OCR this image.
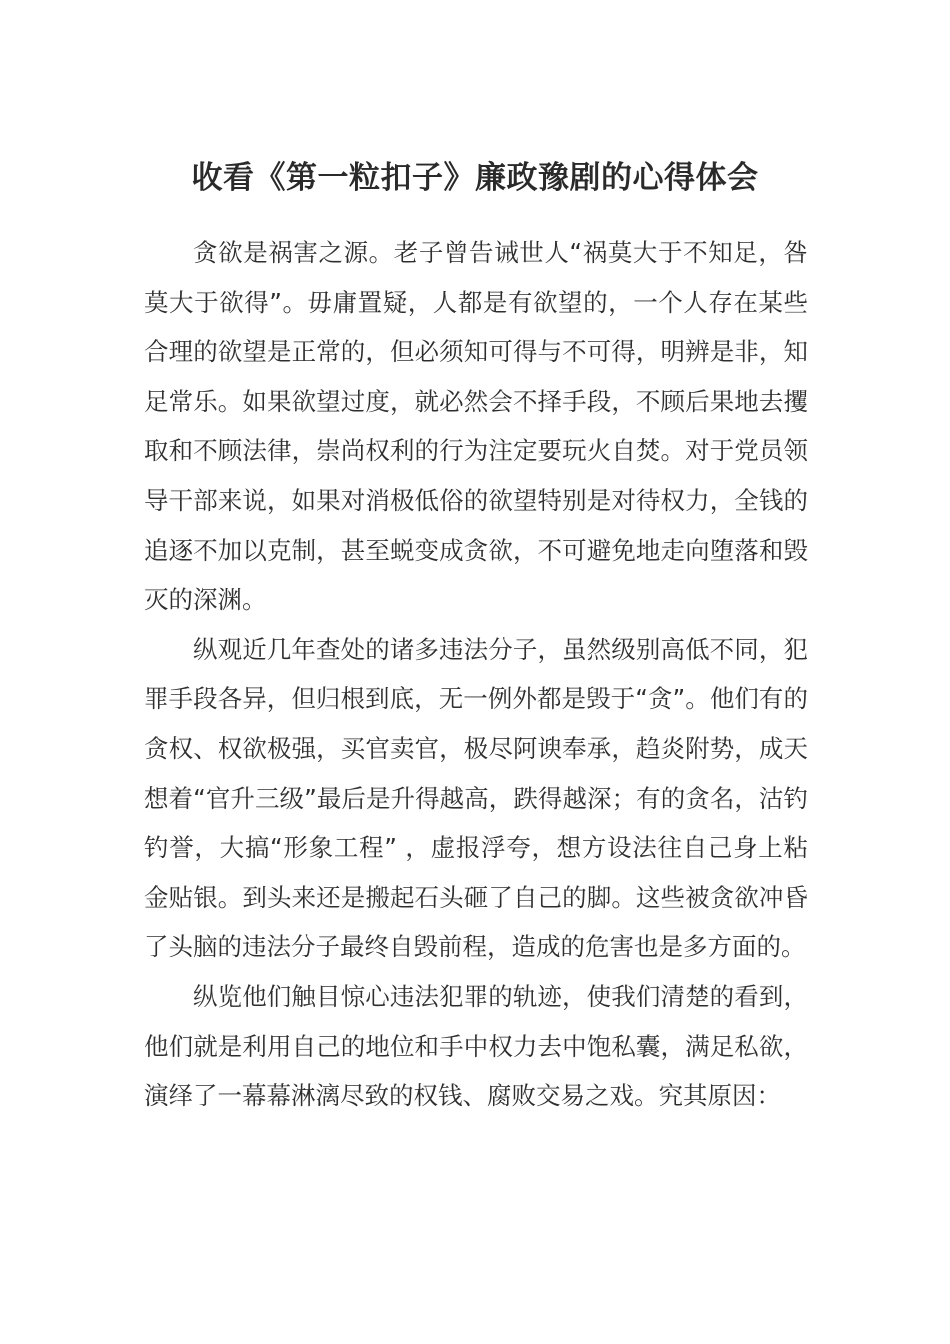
收看《第一粒扣子》廉政豫剧的心得体会

贪欲是祸害之源。老子曾告诫世人“祸莫大于不知足，咎莫大于欲得”。毋庸置疑，人都是有欲望的，一个人存在某些合理的欲望是正常的，但必须知可得与不可得，明辨是非，知足常乐。如果欲望过度，就必然会不择手段，不顾后果地去攫取和不顾法律，崇尚权利的行为注定要玩火自焚。对于党员领导干部来说，如果对消极低俗的欲望特别是对待权力，全钱的追逐不加以克制，甚至蜕变成贪欲，不可避免地走向堕落和毁灭的深渊。

纵观近几年查处的诸多违法分子，虽然级别高低不同，犯罪手段各异，但归根到底，无一例外都是毁于“贪”。他们有的贪权、权欲极强，买官卖官，极尽阿谀奉承，趋炎附势，成天想着“官升三级”最后是升得越高，跌得越深；有的贪名，沽钓钓誉，大搞“形象工程” ，虚报浮夸，想方设法往自己身上粘金贴银。到头来还是搬起石头砸了自己的脚。这些被贪欲冲昏了头脑的违法分子最终自毁前程，造成的危害也是多方面的。

纵览他们触目惊心违法犯罪的轨迹，使我们清楚的看到，他们就是利用自己的地位和手中权力去中饱私囊，满足私欲，演绎了一幕幕淋漓尽致的权钱、腐败交易之戏。究其原因：
